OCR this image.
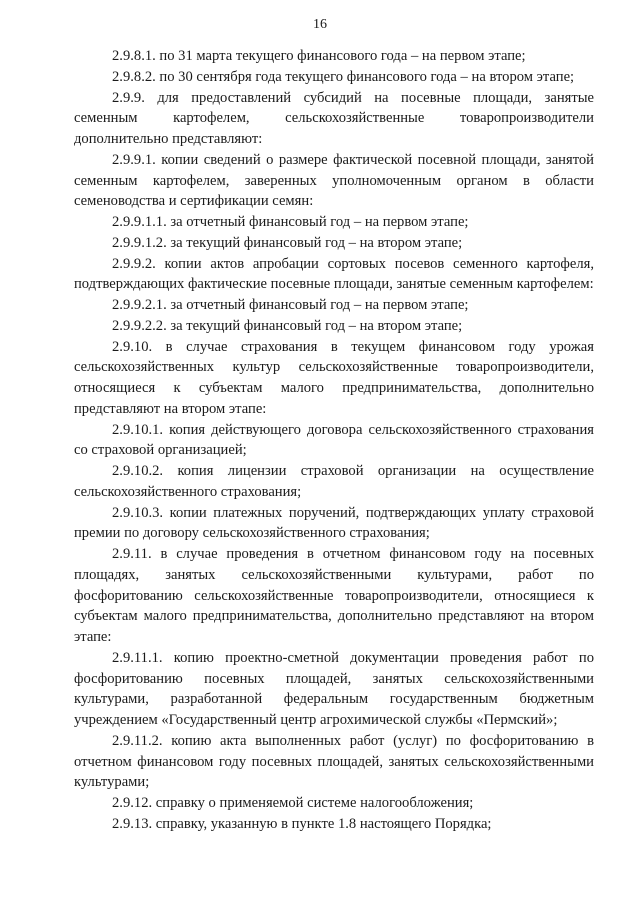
16

2.9.8.1. по 31 марта текущего финансового года – на первом этапе;

2.9.8.2. по 30 сентября года текущего финансового года – на втором этапе;

2.9.9. для предоставлений субсидий на посевные площади, занятые семенным картофелем, сельскохозяйственные товаропроизводители дополнительно представляют:

2.9.9.1. копии сведений о размере фактической посевной площади, занятой семенным картофелем, заверенных уполномоченным органом в области семеноводства и сертификации семян:

2.9.9.1.1. за отчетный финансовый год – на первом этапе;

2.9.9.1.2. за текущий финансовый год – на втором этапе;

2.9.9.2. копии актов апробации сортовых посевов семенного картофеля, подтверждающих фактические посевные площади, занятые семенным картофелем:

2.9.9.2.1. за отчетный финансовый год – на первом этапе;

2.9.9.2.2. за текущий финансовый год – на втором этапе;

2.9.10. в случае страхования в текущем финансовом году урожая сельскохозяйственных культур сельскохозяйственные товаропроизводители, относящиеся к субъектам малого предпринимательства, дополнительно представляют на втором этапе:

2.9.10.1. копия действующего договора сельскохозяйственного страхования со страховой организацией;

2.9.10.2. копия лицензии страховой организации на осуществление сельскохозяйственного страхования;

2.9.10.3. копии платежных поручений, подтверждающих уплату страховой премии по договору сельскохозяйственного страхования;

2.9.11. в случае проведения в отчетном финансовом году на посевных площадях, занятых сельскохозяйственными культурами, работ по фосфоритованию сельскохозяйственные товаропроизводители, относящиеся к субъектам малого предпринимательства, дополнительно представляют на втором этапе:

2.9.11.1. копию проектно-сметной документации проведения работ по фосфоритованию посевных площадей, занятых сельскохозяйственными культурами, разработанной федеральным государственным бюджетным учреждением «Государственный центр агрохимической службы «Пермский»;

2.9.11.2. копию акта выполненных работ (услуг) по фосфоритованию в отчетном финансовом году посевных площадей, занятых сельскохозяйственными культурами;

2.9.12. справку о применяемой системе налогообложения;

2.9.13. справку, указанную в пункте 1.8 настоящего Порядка;
